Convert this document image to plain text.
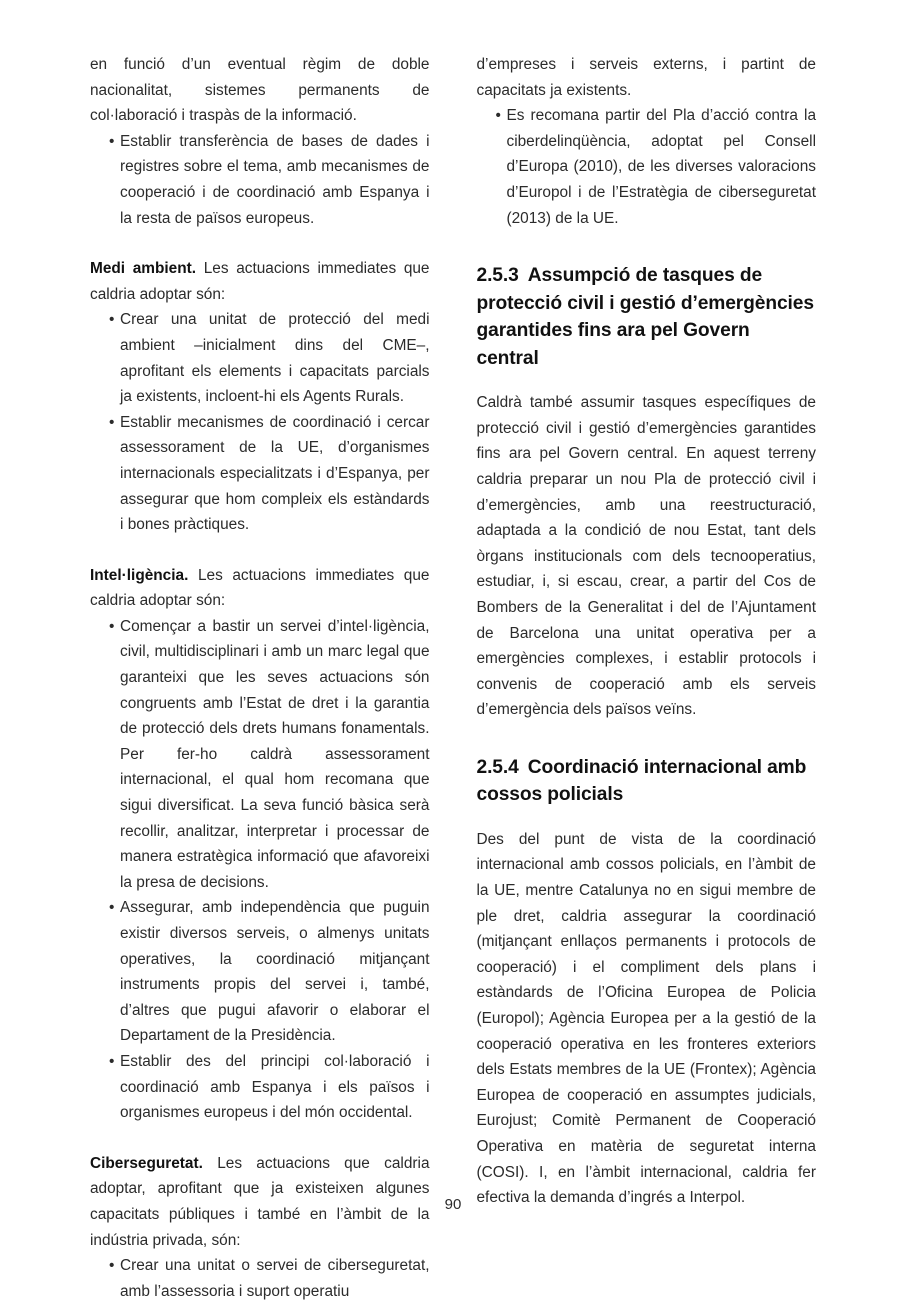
en funció d’un eventual règim de doble nacionalitat, sistemes permanents de col·laboració i traspàs de la informació.

• Establir transferència de bases de dades i registres sobre el tema, amb mecanismes de cooperació i de coordinació amb Espanya i la resta de països europeus.

Medi ambient. Les actuacions immediates que caldria adoptar són:

• Crear una unitat de protecció del medi ambient –inicialment dins del CME–, aprofitant els elements i capacitats parcials ja existents, incloent-hi els Agents Rurals.
• Establir mecanismes de coordinació i cercar assessorament de la UE, d’organismes internacionals especialitzats i d’Espanya, per assegurar que hom compleix els estàndards i bones pràctiques.

Intel·ligència. Les actuacions immediates que caldria adoptar són:

• Començar a bastir un servei d’intel·ligència, civil, multidisciplinari i amb un marc legal que garanteixi que les seves actuacions són congruents amb l’Estat de dret i la garantia de protecció dels drets humans fonamentals. Per fer-ho caldrà assessorament internacional, el qual hom recomana que sigui diversificat. La seva funció bàsica serà recollir, analitzar, interpretar i processar de manera estratègica informació que afavoreixi la presa de decisions.
• Assegurar, amb independència que puguin existir diversos serveis, o almenys unitats operatives, la coordinació mitjançant instruments propis del servei i, també, d’altres que pugui afavorir o elaborar el Departament de la Presidència.
• Establir des del principi col·laboració i coordinació amb Espanya i els països i organismes europeus i del món occidental.

Ciberseguretat. Les actuacions que caldria adoptar, aprofitant que ja existeixen algunes capacitats públiques i també en l’àmbit de la indústria privada, són:

• Crear una unitat o servei de ciberseguretat, amb l’assessoria i suport operatiu

d’empreses i serveis externs, i partint de capacitats ja existents.

• Es recomana partir del Pla d’acció contra la ciberdelinqüència, adoptat pel Consell d’Europa (2010), de les diverses valoracions d’Europol i de l’Estratègia de ciberseguretat (2013) de la UE.
2.5.3 Assumpció de tasques de protecció civil i gestió d’emergències garantides fins ara pel Govern central

Caldrà també assumir tasques específiques de protecció civil i gestió d’emergències garantides fins ara pel Govern central. En aquest terreny caldria preparar un nou Pla de protecció civil i d’emergències, amb una reestructuració, adaptada a la condició de nou Estat, tant dels òrgans institucionals com dels tecnooperatius, estudiar, i, si escau, crear, a partir del Cos de Bombers de la Generalitat i del de l’Ajuntament de Barcelona una unitat operativa per a emergències complexes, i establir protocols i convenis de cooperació amb els serveis d’emergència dels països veïns.

2.5.4 Coordinació internacional amb cossos policials

Des del punt de vista de la coordinació internacional amb cossos policials, en l’àmbit de la UE, mentre Catalunya no en sigui membre de ple dret, caldria assegurar la coordinació (mitjançant enllaços permanents i protocols de cooperació) i el compliment dels plans i estàndards de l’Oficina Europea de Policia (Europol); Agència Europea per a la gestió de la cooperació operativa en les fronteres exteriors dels Estats membres de la UE (Frontex); Agència Europea de cooperació en assumptes judicials, Eurojust; Comitè Permanent de Cooperació Operativa en matèria de seguretat interna (COSI). I, en l’àmbit internacional, caldria fer efectiva la demanda d’ingrés a Interpol.

90
